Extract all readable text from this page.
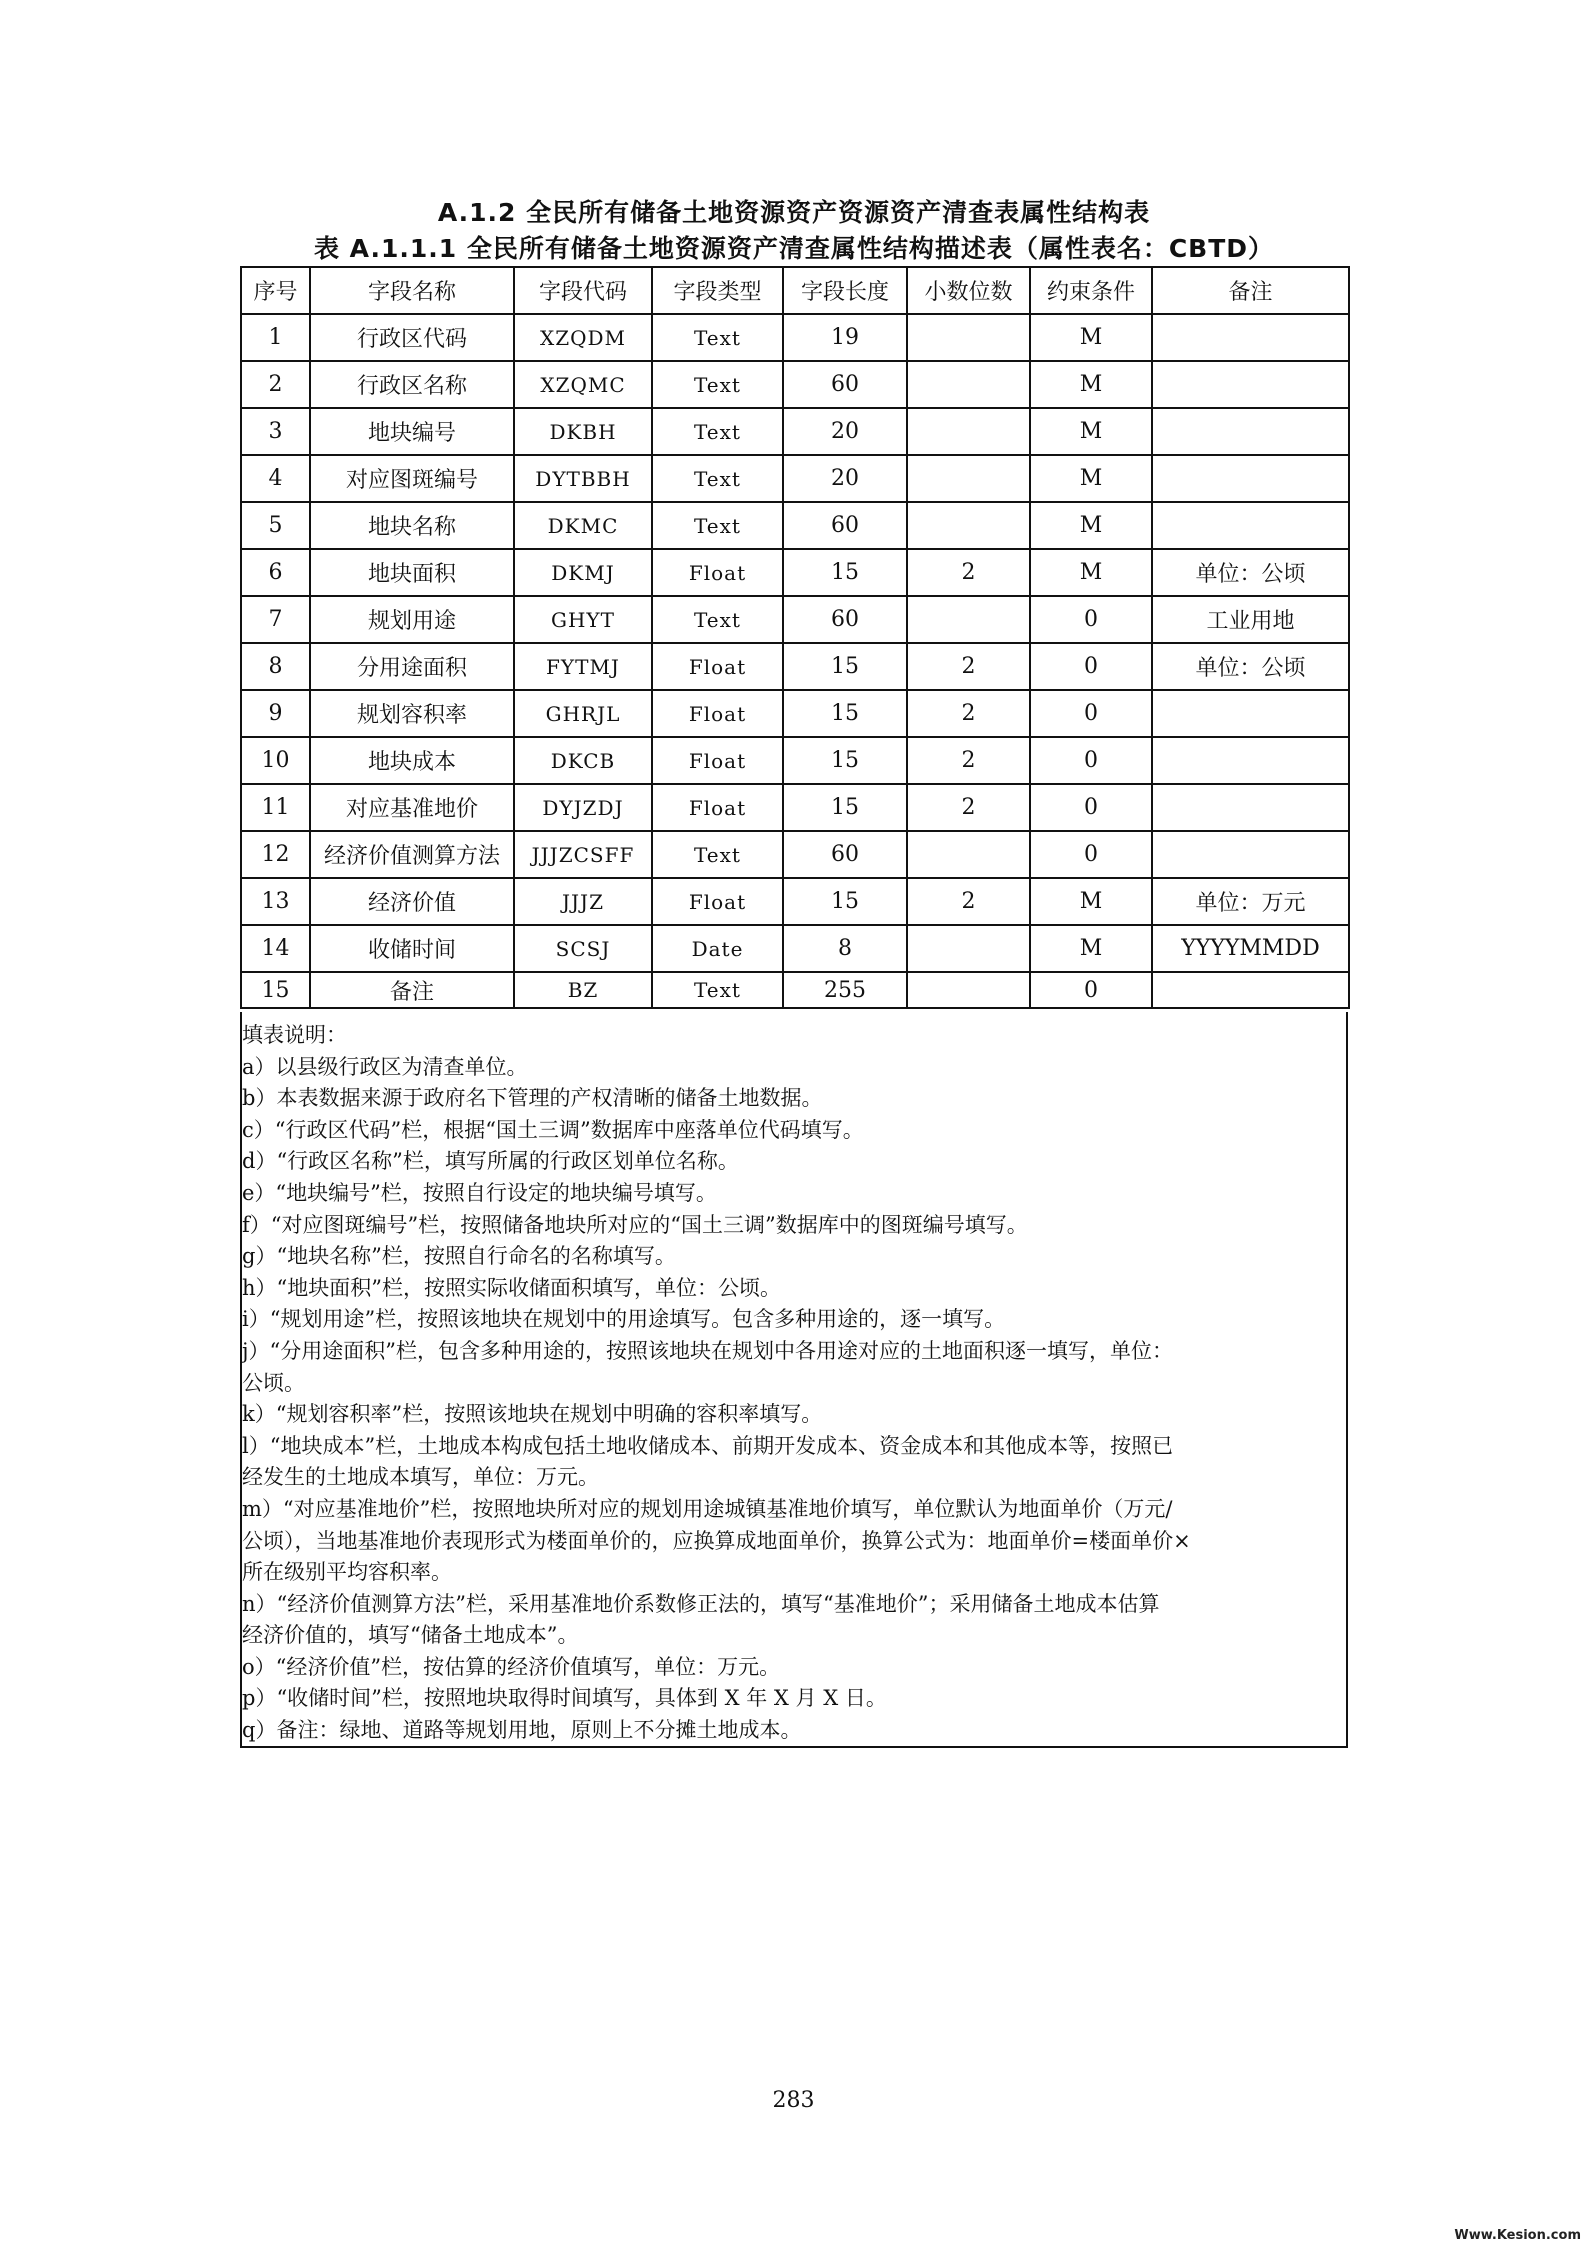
A.1.2 全民所有储备土地资源资产资源资产清查表属性结构表
表 A.1.1.1 全民所有储备土地资源资产清查属性结构描述表（属性表名：CBTD）
序号	字段名称	字段代码	字段类型	字段长度	小数位数	约束条件	备注
1	行政区代码	XZQDM	Text	19		M	
2	行政区名称	XZQMC	Text	60		M	
3	地块编号	DKBH	Text	20		M	
4	对应图斑编号	DYTBBH	Text	20		M	
5	地块名称	DKMC	Text	60		M	
6	地块面积	DKMJ	Float	15	2	M	单位：公顷
7	规划用途	GHYT	Text	60		0	工业用地
8	分用途面积	FYTMJ	Float	15	2	0	单位：公顷
9	规划容积率	GHRJL	Float	15	2	0	
10	地块成本	DKCB	Float	15	2	0	
11	对应基准地价	DYJZDJ	Float	15	2	0	
12	经济价值测算方法	JJJZCSFF	Text	60		0	
13	经济价值	JJJZ	Float	15	2	M	单位：万元
14	收储时间	SCSJ	Date	8		M	YYYYMMDD
15	备注	BZ	Text	255		0	
填表说明：
a）以县级行政区为清查单位。
b）本表数据来源于政府名下管理的产权清晰的储备土地数据。
c）“行政区代码”栏，根据“国土三调”数据库中座落单位代码填写。
d）“行政区名称”栏，填写所属的行政区划单位名称。
e）“地块编号”栏，按照自行设定的地块编号填写。
f）“对应图斑编号”栏，按照储备地块所对应的“国土三调”数据库中的图斑编号填写。
g）“地块名称”栏，按照自行命名的名称填写。
h）“地块面积”栏，按照实际收储面积填写，单位：公顷。
i）“规划用途”栏，按照该地块在规划中的用途填写。包含多种用途的，逐一填写。
j）“分用途面积”栏，包含多种用途的，按照该地块在规划中各用途对应的土地面积逐一填写，单位：
公顷。
k）“规划容积率”栏，按照该地块在规划中明确的容积率填写。
l）“地块成本”栏，土地成本构成包括土地收储成本、前期开发成本、资金成本和其他成本等，按照已
经发生的土地成本填写，单位：万元。
m）“对应基准地价”栏，按照地块所对应的规划用途城镇基准地价填写，单位默认为地面单价（万元/
公顷），当地基准地价表现形式为楼面单价的，应换算成地面单价，换算公式为：地面单价=楼面单价×
所在级别平均容积率。
n）“经济价值测算方法”栏，采用基准地价系数修正法的，填写“基准地价”；采用储备土地成本估算
经济价值的，填写“储备土地成本”。
o）“经济价值”栏，按估算的经济价值填写，单位：万元。
p）“收储时间”栏，按照地块取得时间填写，具体到 X 年 X 月 X 日。
q）备注：绿地、道路等规划用地，原则上不分摊土地成本。
283
Www.Kesion.com
